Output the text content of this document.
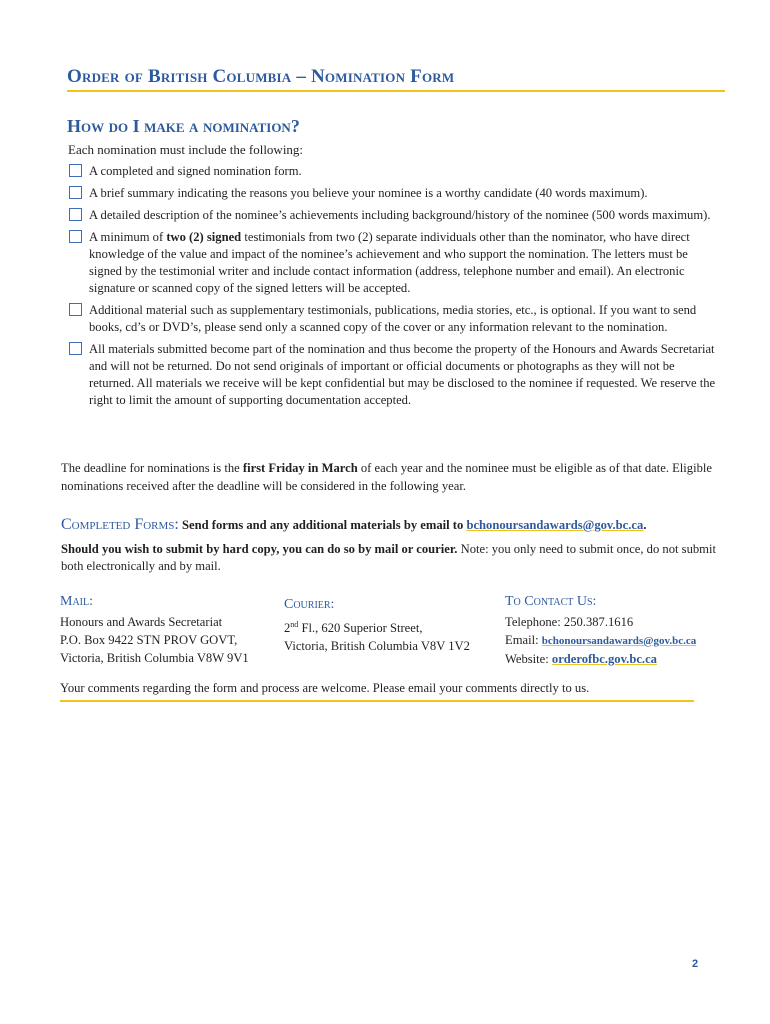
Order of British Columbia – Nomination Form
How do I make a nomination?
Each nomination must include the following:
A completed and signed nomination form.
A brief summary indicating the reasons you believe your nominee is a worthy candidate (40 words maximum).
A detailed description of the nominee’s achievements including background/history of the nominee (500 words maximum).
A minimum of two (2) signed testimonials from two (2) separate individuals other than the nominator, who have direct knowledge of the value and impact of the nominee’s achievement and who support the nomination. The letters must be signed by the testimonial writer and include contact information (address, telephone number and email). An electronic signature or scanned copy of the signed letters will be accepted.
Additional material such as supplementary testimonials, publications, media stories, etc., is optional. If you want to send books, cd’s or DVD’s, please send only a scanned copy of the cover or any information relevant to the nomination.
All materials submitted become part of the nomination and thus become the property of the Honours and Awards Secretariat and will not be returned. Do not send originals of important or official documents or photographs as they will not be returned. All materials we receive will be kept confidential but may be disclosed to the nominee if requested. We reserve the right to limit the amount of supporting documentation accepted.
The deadline for nominations is the first Friday in March of each year and the nominee must be eligible as of that date. Eligible nominations received after the deadline will be considered in the following year.
Completed Forms: Send forms and any additional materials by email to bchonoursandawards@gov.bc.ca.
Should you wish to submit by hard copy, you can do so by mail or courier. Note: you only need to submit once, do not submit both electronically and by mail.
Mail:
Honours and Awards Secretariat
P.O. Box 9422 STN PROV GOVT,
Victoria, British Columbia V8W 9V1
Courier:
2nd Fl., 620 Superior Street,
Victoria, British Columbia V8V 1V2
To Contact Us:
Telephone: 250.387.1616
Email: bchonoursandawards@gov.bc.ca
Website: orderofbc.gov.bc.ca
Your comments regarding the form and process are welcome. Please email your comments directly to us.
2
